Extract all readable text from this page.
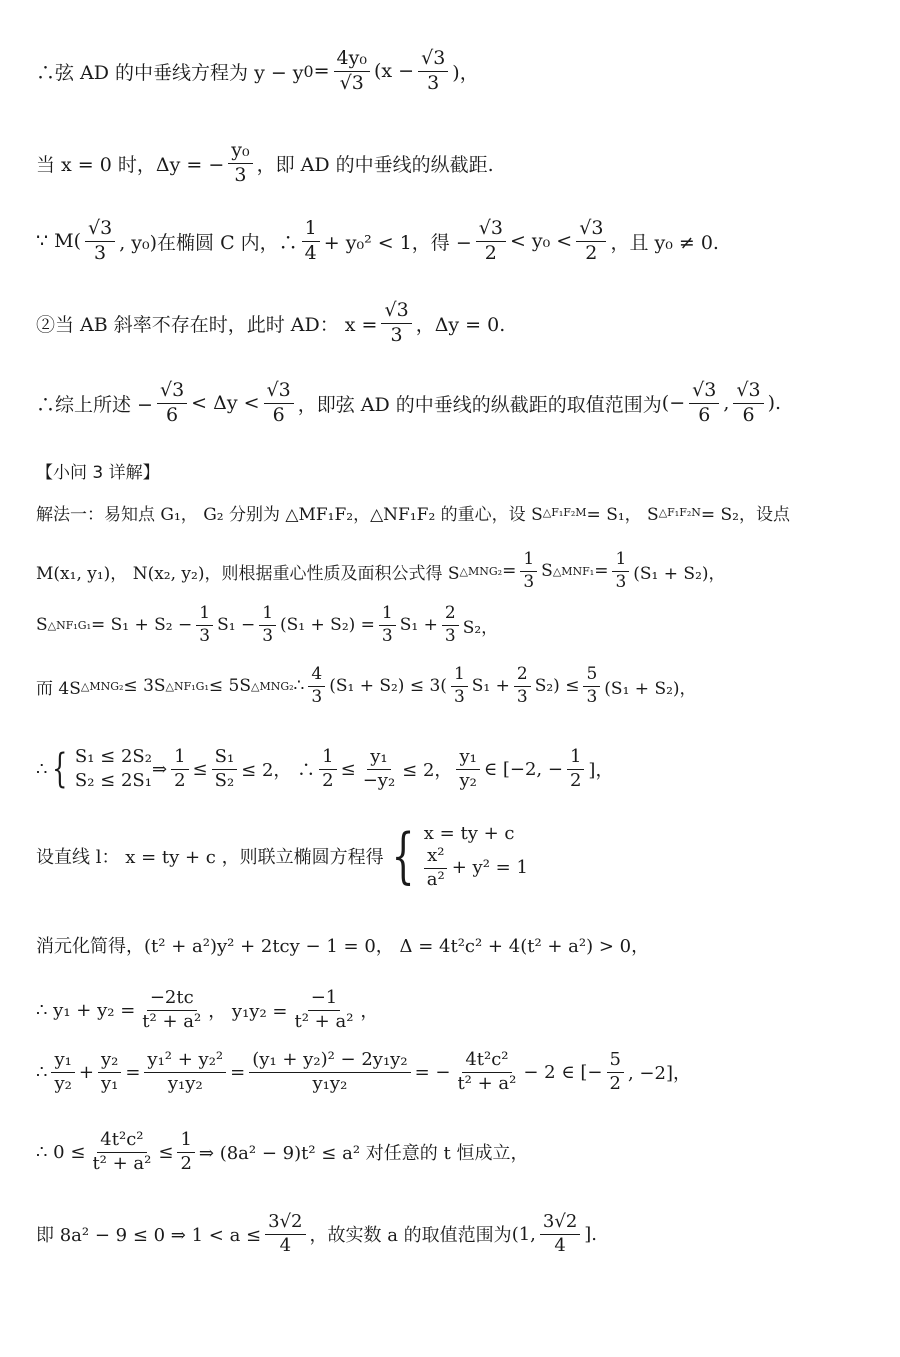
∴弦 AD 的中垂线方程为 y − y $0 = \frac{\text{4y₀}}{√3} (x - \frac{√3}{3}$ )，
当 x = 0 时，Δy = − $\frac{\text{y₀}}{3}$ ，即 AD 的中垂线的纵截距.
∵ $M( \frac{√3}{3}$ , y₀)在椭圆 C 内，∴ $\frac{1}{4} + y_0^2 < 1$，得 − $\frac{√3}{2} < y_0 < \frac{√3}{2}$ ，且 y₀ ≠ 0.
②当 AB 斜率不存在时，此时 AD： $x = \frac{√3}{3}$ ，Δy = 0.
∴综上所述 − $\frac{√3}{6} < \Delta y < \frac{√3}{6}$ ，即弦 AD 的中垂线的纵截距的取值范围为 (− $\frac{√3}{6}$ , $\frac{√3}{6}$ ).
【小问 3 详解】
解法一：易知点 G₁， G₂ 分别为 △MF₁F₂，△NF₁F₂ 的重心，设 S △F₁F₂M = S₁， S △F₁F₂N = S₂，设点
M(x₁, y₁)， N(x₂, y₂)，则根据重心性质及面积公式得 S △MNG₂ = $\frac{1}{3}$ S △MNF₁ = $\frac{1}{3} (S_1 + S_2)$，
S △NF₁G₁ = $S_1 + S_2 - \frac{1}{3} S_1 - \frac{1}{3} (S_1 + S_2) = \frac{1}{3} S_1 + \frac{2}{3} S_2$，
而 4S △MNG₂ ≤ 3S △NF₁G₁ ≤ 5S △MNG₂ ∴ $\frac{4}{3} (S_1 + S_2) \le 3( \frac{1}{3} S_1 + \frac{2}{3} S_2) \le \frac{5}{3} (S_1 + S_2)$，
∴ { S₁ ≤ 2S₂
S₂ ≤ 2S₁
⇒ $\frac{1}{2} \le \frac{\text{S₁}}{\text{S₂}} \le 2$， ∴ $\frac{1}{2} \le \frac{\text{y₁}}{\text{−y₂}} \le 2$， $\frac{\text{y₁}}{\text{y₂}}$ ∈ [−2, − $\frac{1}{2}$ ]，
设直线 l： x = ty + c ，则联立椭圆方程得 { x = ty + c
$\frac{\text{x²}}{\text{a²}} + y^2 = 1$
消元化简得，(t² + a²)y² + 2tcy − 1 = 0， Δ = 4t²c² + 4(t² + a²) > 0，
∴ $y_1 + y_2 = \frac{-2tc}{\text{t² + a²}}$ ， $y_1y_2 = \frac{-1}{\text{t² + a²}}$ ，
∴ $\frac{\text{y₁}}{\text{y₂}} + \frac{\text{y₂}}{\text{y₁}} = \frac{\text{y₁² + y₂²}}{\text{y₁y₂}} = \frac{\text{(y₁ + y₂)² − 2y₁y₂}}{\text{y₁y₂}}$ = − $\frac{\text{4t²c²}}{\text{t² + a²}} - 2$ ∈ [− $\frac{5}{2}$ , −2]，
∴ $0 \le \frac{\text{4t²c²}}{\text{t² + a²}} \le \frac{1}{2}$ ⇒ (8a² − 9)t² ≤ a² 对任意的 t 恒成立，
即 8a² − 9 ≤ 0 ⇒ $1 < a \le \frac{3√2}{4}$ ，故实数 a 的取值范围为 (1, $\frac{3√2}{4}$ ].
